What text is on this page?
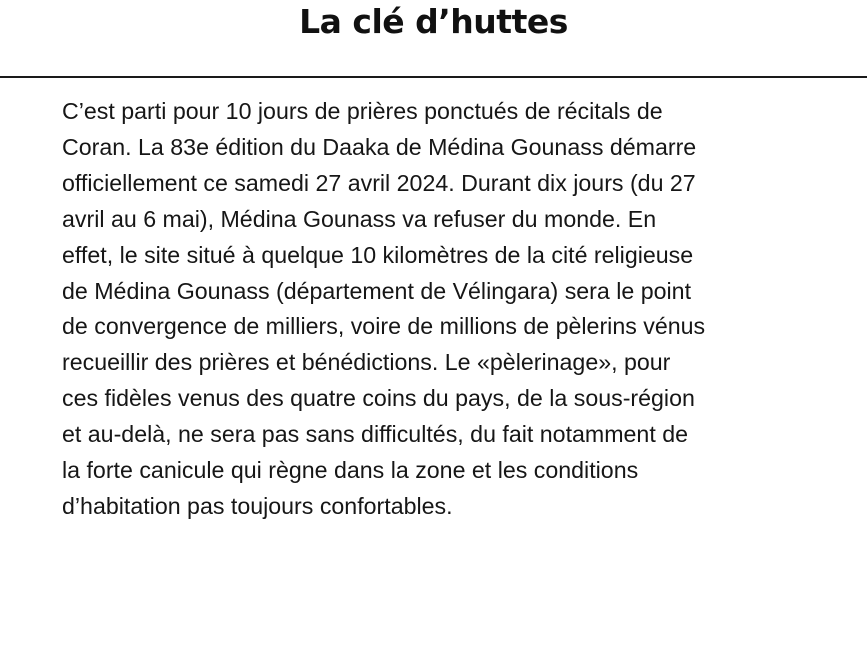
La clé d’huttes

C’est parti pour 10 jours de prières ponctués de récitals de
Coran. La 83e édition du Daaka de Médina Gounass démarre
officiellement ce samedi 27 avril 2024. Durant dix jours (du 27
avril au 6 mai), Médina Gounass va refuser du monde. En
effet, le site situé à quelque 10 kilomètres de la cité religieuse
de Médina Gounass (département de Vélingara) sera le point
de convergence de milliers, voire de millions de pèlerins vénus
recueillir des prières et bénédictions. Le «pèlerinage», pour
ces fidèles venus des quatre coins du pays, de la sous-région
et au-delà, ne sera pas sans difficultés, du fait notamment de
la forte canicule qui règne dans la zone et les conditions
d’habitation pas toujours confortables.
